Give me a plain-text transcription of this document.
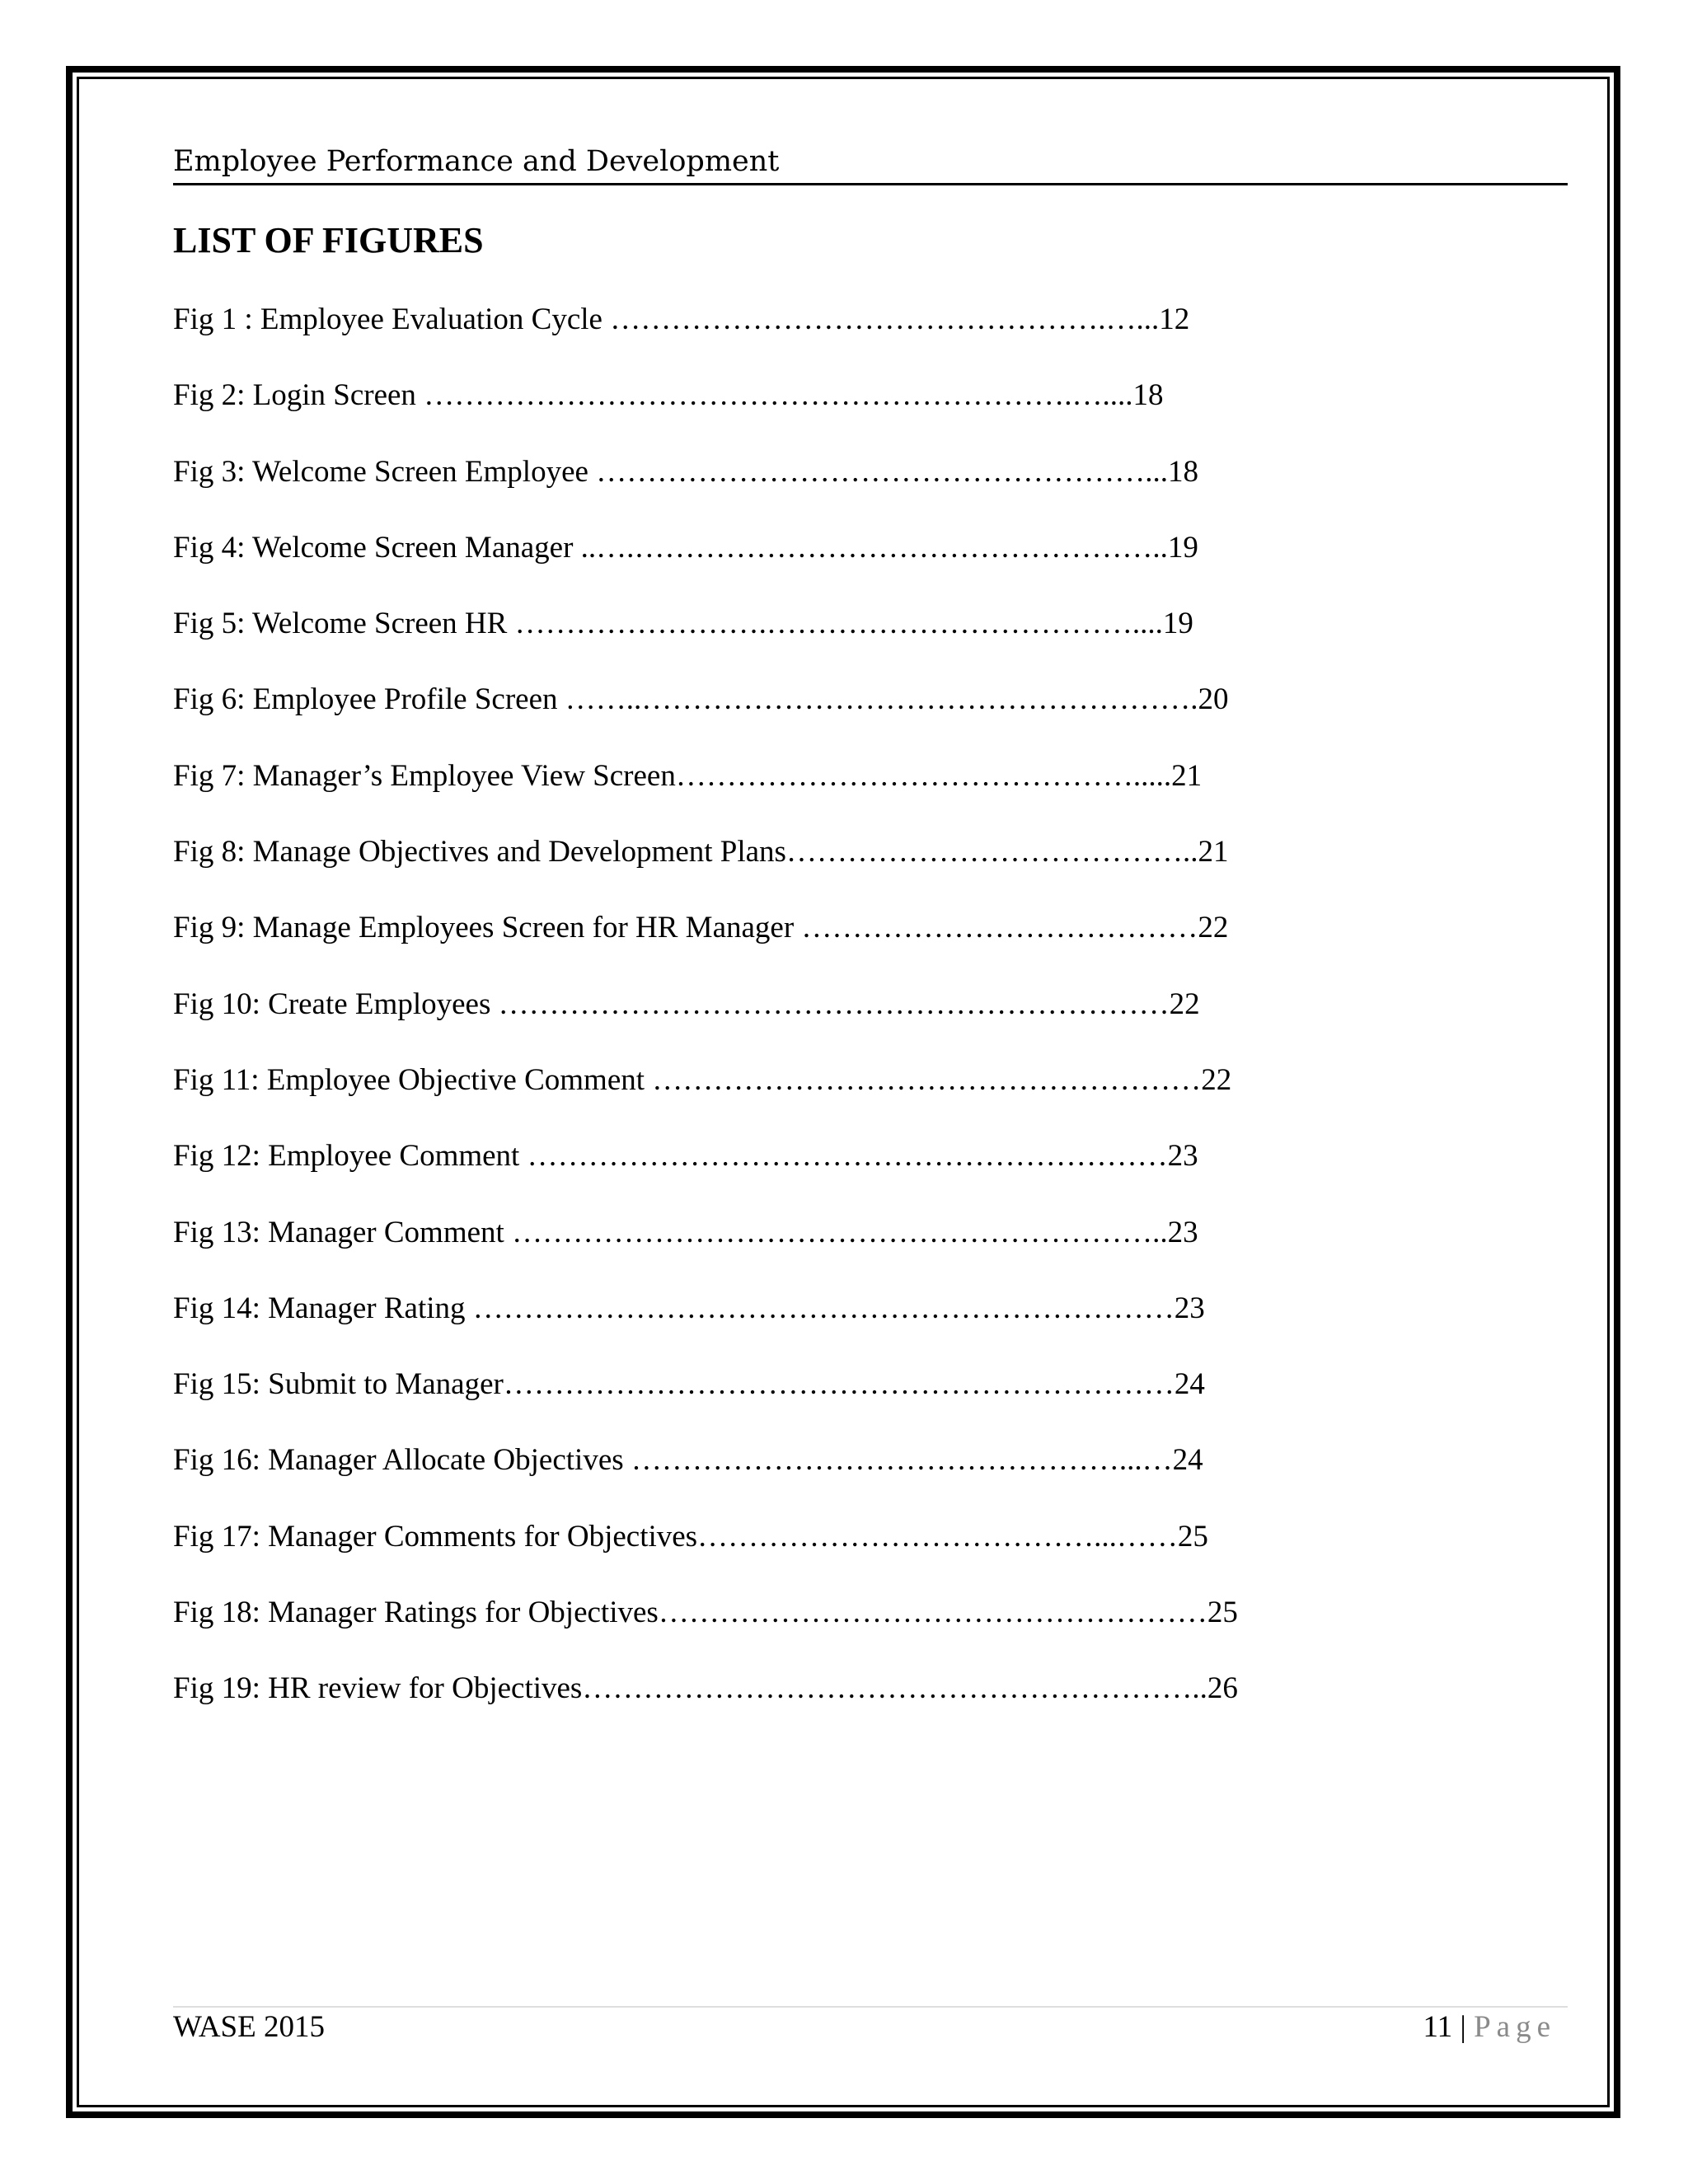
Employee Performance and Development
LIST OF FIGURES
Fig 1 : Employee Evaluation Cycle ………………………………………….…...12
Fig 2: Login Screen ……………………………………………………….…....18
Fig 3: Welcome Screen Employee ………………………………………………...18
Fig 4: Welcome Screen Manager ..….……………………………………………..19
Fig 5: Welcome Screen HR …………………….………………………………....19
Fig 6: Employee Profile Screen ……..……………………………………………….20
Fig 7: Manager’s Employee View Screen……………………………………….....21
Fig 8: Manage Objectives and Development Plans…………………………………..21
Fig 9: Manage Employees Screen for HR Manager …………………………………22
Fig 10: Create Employees …………………………………………………………22
Fig 11: Employee Objective Comment ………………………………………………22
Fig 12: Employee Comment ………………………………………………………23
Fig 13: Manager Comment ………………………………………………………..23
Fig 14: Manager Rating ……………………………………………………………23
Fig 15: Submit to Manager…………………………………………………………24
Fig 16: Manager Allocate Objectives …………………………………………...…24
Fig 17: Manager Comments for Objectives…………………………………...……25
Fig 18: Manager Ratings for Objectives………………………………………………25
Fig 19: HR review for Objectives……………………………………………………..26
WASE 2015	11 | Page
